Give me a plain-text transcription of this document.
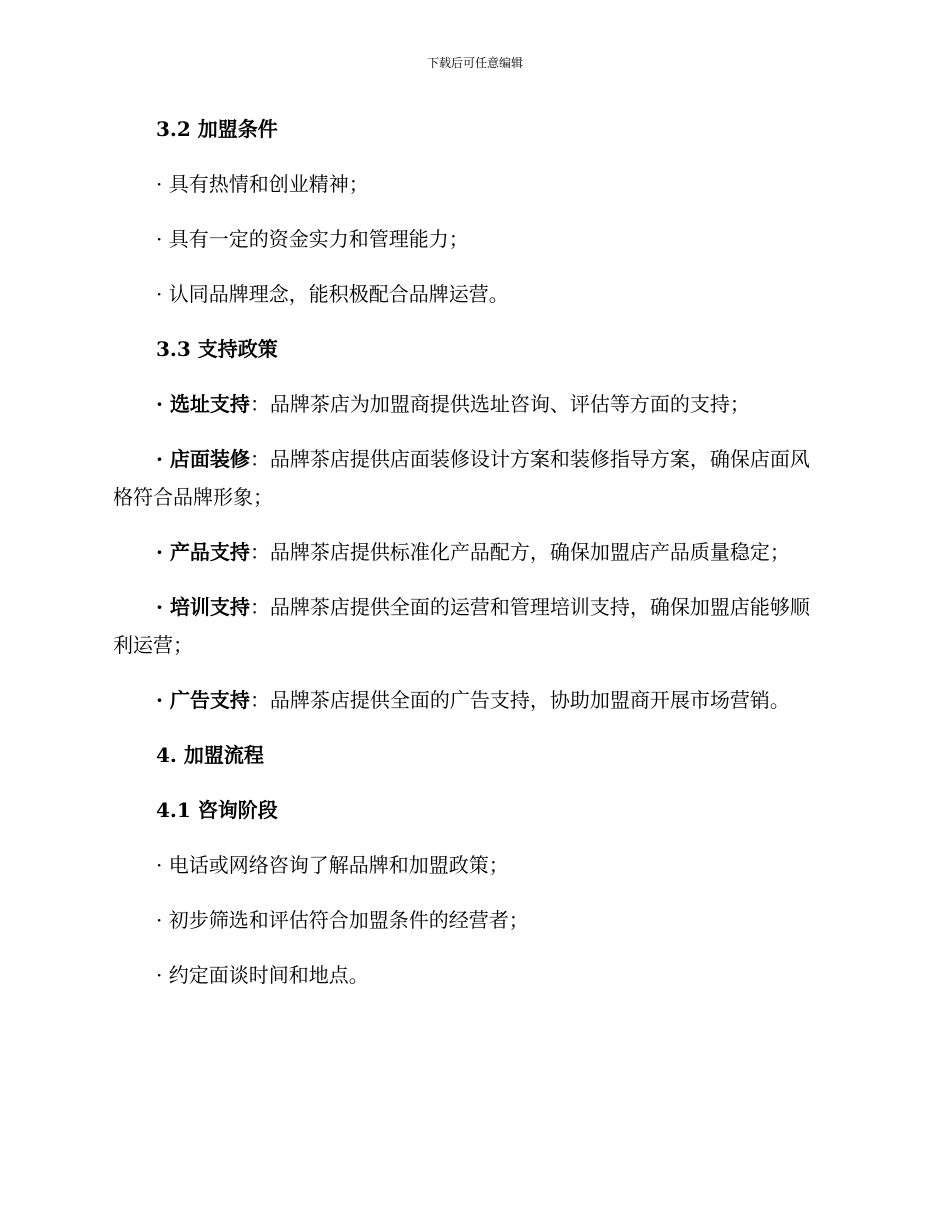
下载后可任意编辑
3.2 加盟条件
· 具有热情和创业精神；
· 具有一定的资金实力和管理能力；
· 认同品牌理念，能积极配合品牌运营。
3.3 支持政策
· 选址支持：品牌茶店为加盟商提供选址咨询、评估等方面的支持；
· 店面装修：品牌茶店提供店面装修设计方案和装修指导方案，确保店面风格符合品牌形象；
· 产品支持：品牌茶店提供标准化产品配方，确保加盟店产品质量稳定；
· 培训支持：品牌茶店提供全面的运营和管理培训支持，确保加盟店能够顺利运营；
· 广告支持：品牌茶店提供全面的广告支持，协助加盟商开展市场营销。
4. 加盟流程
4.1 咨询阶段
· 电话或网络咨询了解品牌和加盟政策；
· 初步筛选和评估符合加盟条件的经营者；
· 约定面谈时间和地点。
